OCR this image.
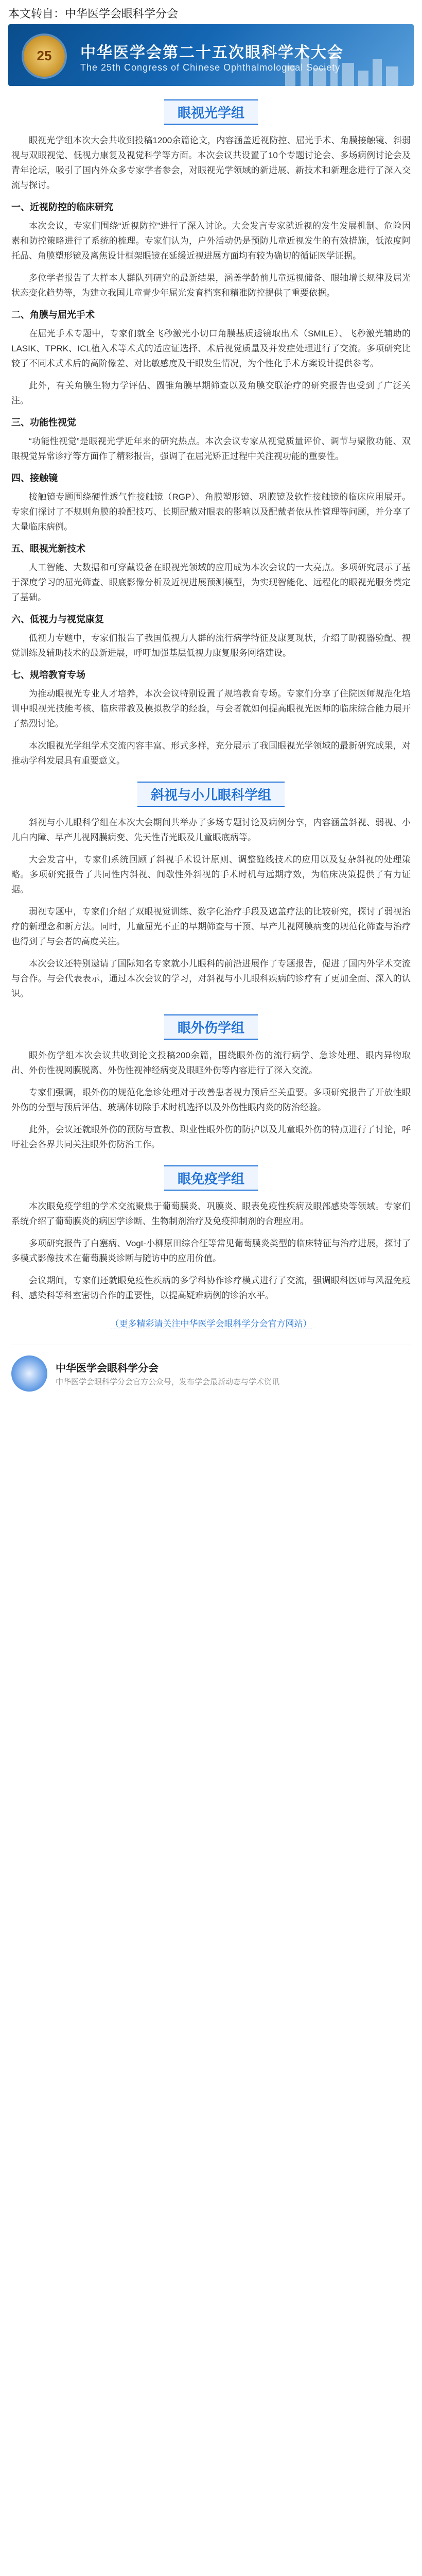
本文转自：中华医学会眼科学分会
25	中华医学会第二十五次眼科学术大会
The 25th Congress of Chinese Ophthalmological Society
眼视光学组

眼视光学组本次大会共收到投稿1200余篇论文，内容涵盖近视防控、屈光手术、角膜接触镜、斜弱视与双眼视觉、低视力康复及视觉科学等方面。本次会议共设置了10个专题讨论会、多场病例讨论会及青年论坛，吸引了国内外众多专家学者参会，对眼视光学领域的新进展、新技术和新理念进行了深入交流与探讨。

一、近视防控的临床研究

本次会议，专家们围绕“近视防控”进行了深入讨论。大会发言专家就近视的发生发展机制、危险因素和防控策略进行了系统的梳理。专家们认为，户外活动仍是预防儿童近视发生的有效措施，低浓度阿托品、角膜塑形镜及离焦设计框架眼镜在延缓近视进展方面均有较为确切的循证医学证据。

多位学者报告了大样本人群队列研究的最新结果，涵盖学龄前儿童远视储备、眼轴增长规律及屈光状态变化趋势等，为建立我国儿童青少年屈光发育档案和精准防控提供了重要依据。

二、角膜与屈光手术

在屈光手术专题中，专家们就全飞秒激光小切口角膜基质透镜取出术（SMILE）、飞秒激光辅助的LASIK、TPRK、ICL植入术等术式的适应证选择、术后视觉质量及并发症处理进行了交流。多项研究比较了不同术式术后的高阶像差、对比敏感度及干眼发生情况，为个性化手术方案设计提供参考。

此外，有关角膜生物力学评估、圆锥角膜早期筛查以及角膜交联治疗的研究报告也受到了广泛关注。

三、功能性视觉

“功能性视觉”是眼视光学近年来的研究热点。本次会议专家从视觉质量评价、调节与聚散功能、双眼视觉异常诊疗等方面作了精彩报告，强调了在屈光矫正过程中关注视功能的重要性。

四、接触镜

接触镜专题围绕硬性透气性接触镜（RGP）、角膜塑形镜、巩膜镜及软性接触镜的临床应用展开。专家们探讨了不规则角膜的验配技巧、长期配戴对眼表的影响以及配戴者依从性管理等问题，并分享了大量临床病例。

五、眼视光新技术

人工智能、大数据和可穿戴设备在眼视光领域的应用成为本次会议的一大亮点。多项研究展示了基于深度学习的屈光筛查、眼底影像分析及近视进展预测模型，为实现智能化、远程化的眼视光服务奠定了基础。

六、低视力与视觉康复

低视力专题中，专家们报告了我国低视力人群的流行病学特征及康复现状，介绍了助视器验配、视觉训练及辅助技术的最新进展，呼吁加强基层低视力康复服务网络建设。

七、规培教育专场

为推动眼视光专业人才培养，本次会议特别设置了规培教育专场。专家们分享了住院医师规范化培训中眼视光技能考核、临床带教及模拟教学的经验，与会者就如何提高眼视光医师的临床综合能力展开了热烈讨论。

本次眼视光学组学术交流内容丰富、形式多样，充分展示了我国眼视光学领域的最新研究成果，对推动学科发展具有重要意义。

斜视与小儿眼科学组

斜视与小儿眼科学组在本次大会期间共举办了多场专题讨论及病例分享，内容涵盖斜视、弱视、小儿白内障、早产儿视网膜病变、先天性青光眼及儿童眼底病等。

大会发言中，专家们系统回顾了斜视手术设计原则、调整缝线技术的应用以及复杂斜视的处理策略。多项研究报告了共同性内斜视、间歇性外斜视的手术时机与远期疗效，为临床决策提供了有力证据。

弱视专题中，专家们介绍了双眼视觉训练、数字化治疗手段及遮盖疗法的比较研究，探讨了弱视治疗的新理念和新方法。同时，儿童屈光不正的早期筛查与干预、早产儿视网膜病变的规范化筛查与治疗也得到了与会者的高度关注。

本次会议还特别邀请了国际知名专家就小儿眼科的前沿进展作了专题报告，促进了国内外学术交流与合作。与会代表表示，通过本次会议的学习，对斜视与小儿眼科疾病的诊疗有了更加全面、深入的认识。

眼外伤学组

眼外伤学组本次会议共收到论文投稿200余篇，围绕眼外伤的流行病学、急诊处理、眼内异物取出、外伤性视网膜脱离、外伤性视神经病变及眼眶外伤等内容进行了深入交流。

专家们强调，眼外伤的规范化急诊处理对于改善患者视力预后至关重要。多项研究报告了开放性眼外伤的分型与预后评估、玻璃体切除手术时机选择以及外伤性眼内炎的防治经验。

此外，会议还就眼外伤的预防与宣教、职业性眼外伤的防护以及儿童眼外伤的特点进行了讨论，呼吁社会各界共同关注眼外伤防治工作。

眼免疫学组

本次眼免疫学组的学术交流聚焦于葡萄膜炎、巩膜炎、眼表免疫性疾病及眼部感染等领域。专家们系统介绍了葡萄膜炎的病因学诊断、生物制剂治疗及免疫抑制剂的合理应用。

多项研究报告了白塞病、Vogt-小柳原田综合征等常见葡萄膜炎类型的临床特征与治疗进展，探讨了多模式影像技术在葡萄膜炎诊断与随访中的应用价值。

会议期间，专家们还就眼免疫性疾病的多学科协作诊疗模式进行了交流，强调眼科医师与风湿免疫科、感染科等科室密切合作的重要性，以提高疑难病例的诊治水平。

（更多精彩请关注中华医学会眼科学分会官方网站）
中华医学会眼科学分会
中华医学会眼科学分会官方公众号，发布学会最新动态与学术资讯
